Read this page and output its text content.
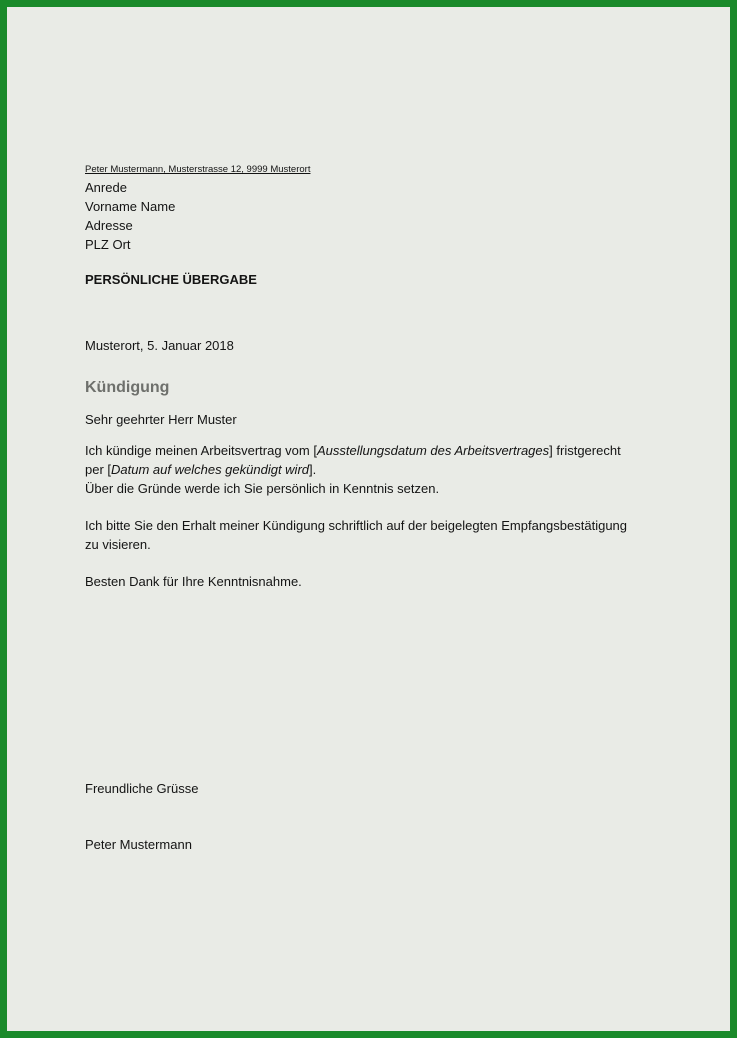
Peter Mustermann, Musterstrasse 12, 9999 Musterort
Anrede
Vorname Name
Adresse
PLZ Ort
PERSÖNLICHE ÜBERGABE
Musterort, 5. Januar 2018
Kündigung
Sehr geehrter Herr Muster
Ich kündige meinen Arbeitsvertrag vom [Ausstellungsdatum des Arbeitsvertrages] fristgerecht
per [Datum auf welches gekündigt wird].
Über die Gründe werde ich Sie persönlich in Kenntnis setzen.
Ich bitte Sie den Erhalt meiner Kündigung schriftlich auf der beigelegten Empfangsbestätigung
zu visieren.
Besten Dank für Ihre Kenntnisnahme.
Freundliche Grüsse
Peter Mustermann
